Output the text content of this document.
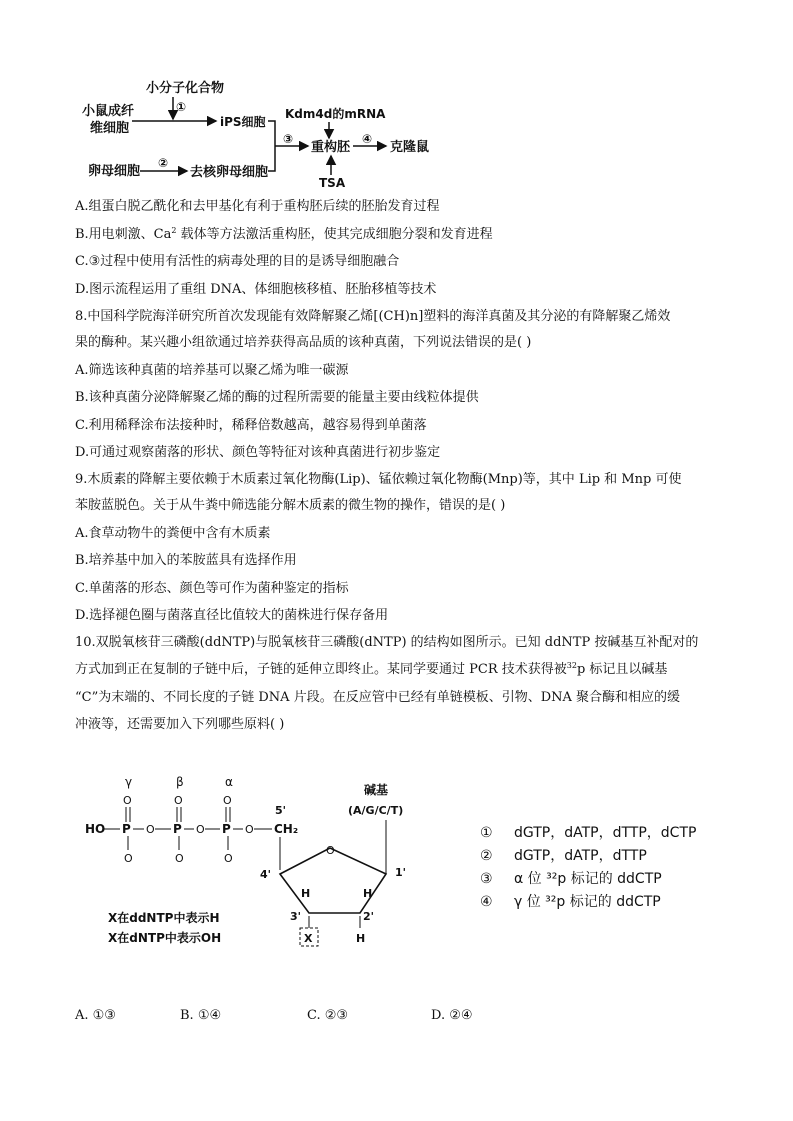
小分子化合物
①
小鼠成纤
维细胞	iPS细胞
Kdm4d的mRNA
③
重构胚
④
克隆鼠
TSA
卵母细胞
②
去核卵母细胞
A.组蛋白脱乙酰化和去甲基化有利于重构胚后续的胚胎发育过程
B.用电刺激、Ca$^2$ 载体等方法激活重构胚，使其完成细胞分裂和发育进程
C.③过程中使用有活性的病毒处理的目的是诱导细胞融合
D.图示流程运用了重组 DNA、体细胞核移植、胚胎移植等技术
8.中国科学院海洋研究所首次发现能有效降解聚乙烯[(CH)n]塑料的海洋真菌及其分泌的有降解聚乙烯效
果的酶种。某兴趣小组欲通过培养获得高品质的该种真菌，下列说法错误的是( )
A.筛选该种真菌的培养基可以聚乙烯为唯一碳源
B.该种真菌分泌降解聚乙烯的酶的过程所需要的能量主要由线粒体提供
C.利用稀释涂布法接种时，稀释倍数越高，越容易得到单菌落
D.可通过观察菌落的形状、颜色等特征对该种真菌进行初步鉴定
9.木质素的降解主要依赖于木质素过氧化物酶(Lip)、锰依赖过氧化物酶(Mnp)等，其中 Lip 和 Mnp 可使
苯胺蓝脱色。关于从牛粪中筛选能分解木质素的微生物的操作，错误的是( )
A.食草动物牛的粪便中含有木质素
B.培养基中加入的苯胺蓝具有选择作用
C.单菌落的形态、颜色等可作为菌种鉴定的指标
D.选择褪色圈与菌落直径比值较大的菌株进行保存备用
10.双脱氧核苷三磷酸(ddNTP)与脱氧核苷三磷酸(dNTP) 的结构如图所示。已知 ddNTP 按碱基互补配对的
方式加到正在复制的子链中后，子链的延伸立即终止。某同学要通过 PCR 技术获得被$^{32}$p 标记且以碱基
“C”为末端的、不同长度的子链 DNA 片段。在反应管中已经有单链模板、引物、DNA 聚合酶和相应的缓
冲液等，还需要加入下列哪些原料( )
γ	β	α
O	O	O
HO P O P O P O
O	O	O
5'
CH₂
碱基
(A/G/C/T)
O
4'
H	H
3'	2'
X	H
X在ddNTP中表示H
X在dNTP中表示OH
1'
① dGTP，dATP，dTTP，dCTP
② dGTP，dATP，dTTP
③ α 位 ³²p 标记的 ddCTP
④ γ 位 ³²p 标记的 ddCTP
A. ①③	B. ①④	C. ②③	D. ②④
